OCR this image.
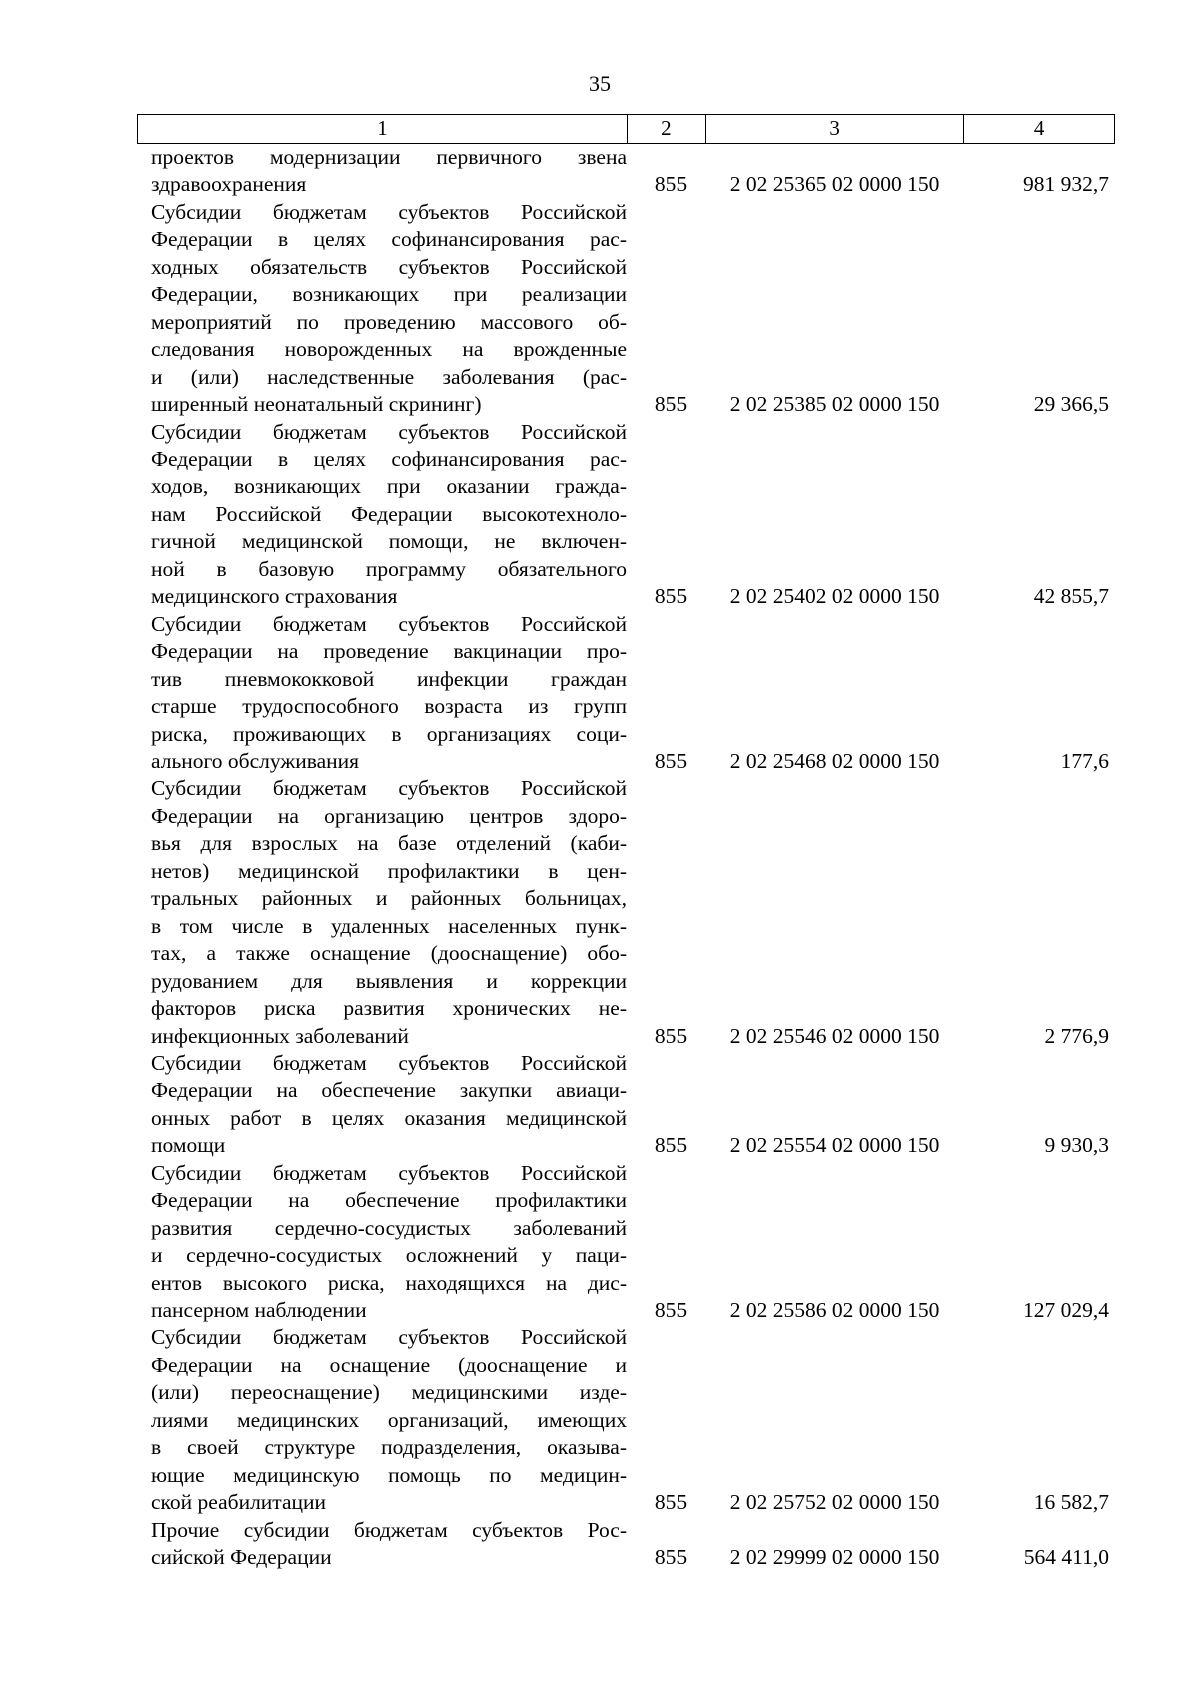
35
1	2	3	4
проектов модернизации первичного звена
здравоохранения	855	2 02 25365 02 0000 150	981 932,7
Субсидии бюджетам субъектов Российской
Федерации в целях софинансирования рас-
ходных обязательств субъектов Российской
Федерации, возникающих при реализации
мероприятий по проведению массового об-
следования новорожденных на врожденные
и (или) наследственные заболевания (рас-
ширенный неонатальный скрининг)	855	2 02 25385 02 0000 150	29 366,5
Субсидии бюджетам субъектов Российской
Федерации в целях софинансирования рас-
ходов, возникающих при оказании гражда-
нам Российской Федерации высокотехноло-
гичной медицинской помощи, не включен-
ной в базовую программу обязательного
медицинского страхования	855	2 02 25402 02 0000 150	42 855,7
Субсидии бюджетам субъектов Российской
Федерации на проведение вакцинации про-
тив пневмококковой инфекции граждан
старше трудоспособного возраста из групп
риска, проживающих в организациях соци-
ального обслуживания	855	2 02 25468 02 0000 150	177,6
Субсидии бюджетам субъектов Российской
Федерации на организацию центров здоро-
вья для взрослых на базе отделений (каби-
нетов) медицинской профилактики в цен-
тральных районных и районных больницах,
в том числе в удаленных населенных пунк-
тах, а также оснащение (дооснащение) обо-
рудованием для выявления и коррекции
факторов риска развития хронических не-
инфекционных заболеваний	855	2 02 25546 02 0000 150	2 776,9
Субсидии бюджетам субъектов Российской
Федерации на обеспечение закупки авиаци-
онных работ в целях оказания медицинской
помощи	855	2 02 25554 02 0000 150	9 930,3
Субсидии бюджетам субъектов Российской
Федерации на обеспечение профилактики
развития сердечно-сосудистых заболеваний
и сердечно-сосудистых осложнений у паци-
ентов высокого риска, находящихся на дис-
пансерном наблюдении	855	2 02 25586 02 0000 150	127 029,4
Субсидии бюджетам субъектов Российской
Федерации на оснащение (дооснащение и
(или) переоснащение) медицинскими изде-
лиями медицинских организаций, имеющих
в своей структуре подразделения, оказыва-
ющие медицинскую помощь по медицин-
ской реабилитации	855	2 02 25752 02 0000 150	16 582,7
Прочие субсидии бюджетам субъектов Рос-
сийской Федерации	855	2 02 29999 02 0000 150	564 411,0
